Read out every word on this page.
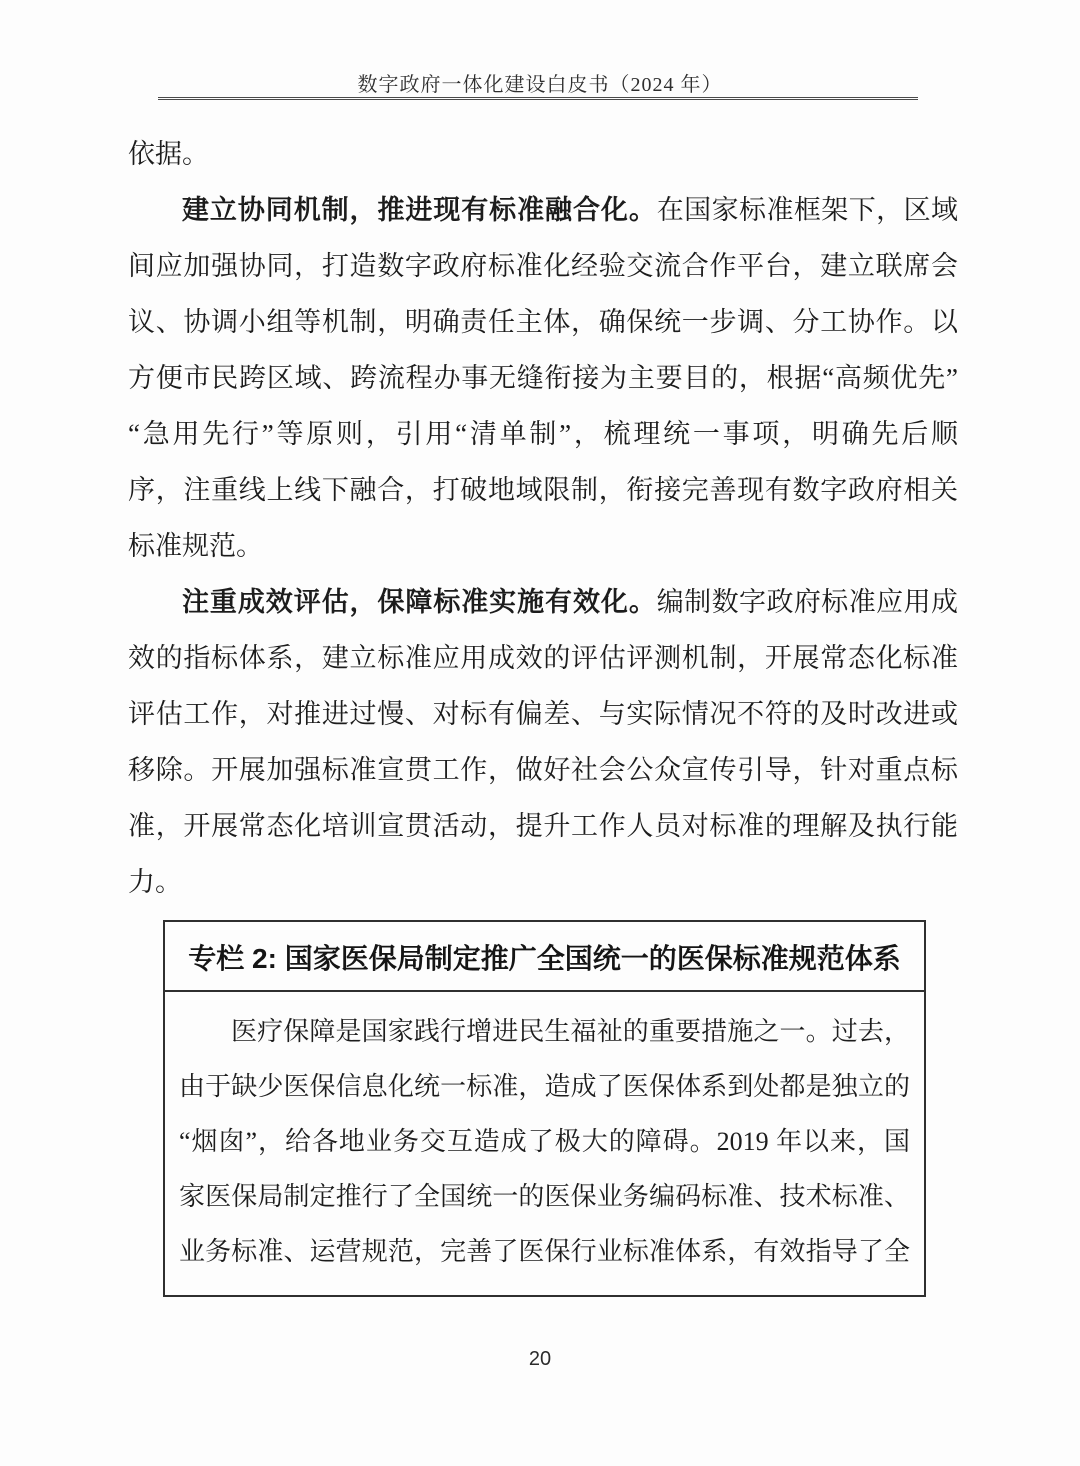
数字政府一体化建设白皮书（2024 年）
依据。
建立协同机制，推进现有标准融合化。在国家标准框架下，区域
间应加强协同，打造数字政府标准化经验交流合作平台，建立联席会
议、协调小组等机制，明确责任主体，确保统一步调、分工协作。以
方便市民跨区域、跨流程办事无缝衔接为主要目的，根据“高频优先”
“急用先行”等原则，引用“清单制”，梳理统一事项，明确先后顺
序，注重线上线下融合，打破地域限制，衔接完善现有数字政府相关
标准规范。
注重成效评估，保障标准实施有效化。编制数字政府标准应用成
效的指标体系，建立标准应用成效的评估评测机制，开展常态化标准
评估工作，对推进过慢、对标有偏差、与实际情况不符的及时改进或
移除。开展加强标准宣贯工作，做好社会公众宣传引导，针对重点标
准，开展常态化培训宣贯活动，提升工作人员对标准的理解及执行能
力。
专栏 2: 国家医保局制定推广全国统一的医保标准规范体系
医疗保障是国家践行增进民生福祉的重要措施之一。过去，
由于缺少医保信息化统一标准，造成了医保体系到处都是独立的
“烟囱”，给各地业务交互造成了极大的障碍。2019 年以来，国
家医保局制定推行了全国统一的医保业务编码标准、技术标准、
业务标准、运营规范，完善了医保行业标准体系，有效指导了全
20
